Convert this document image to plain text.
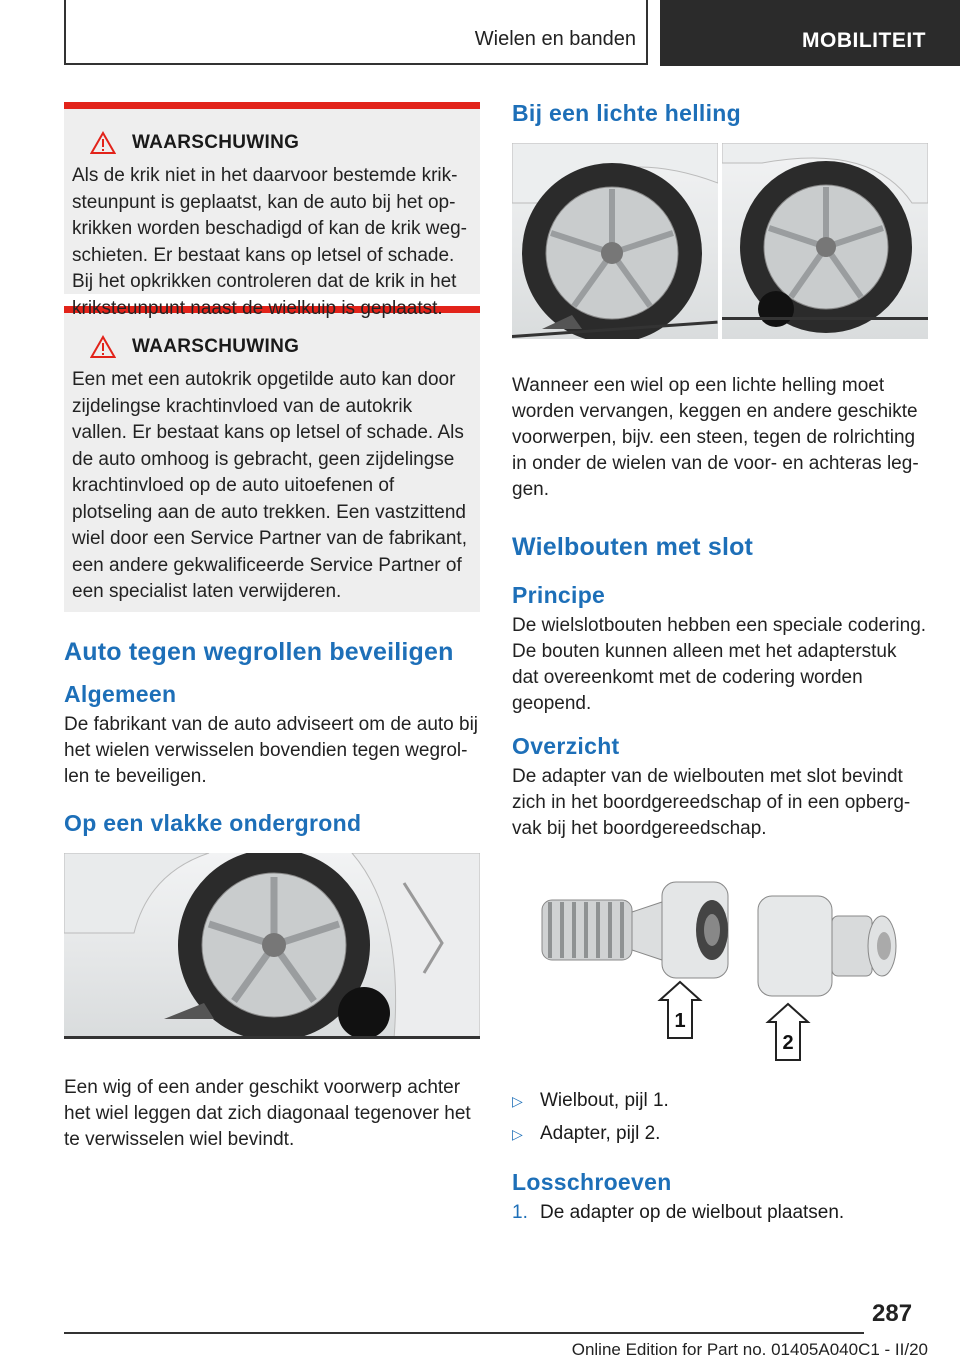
Wielen en banden	MOBILITEIT
WAARSCHUWING
Als de krik niet in het daarvoor bestemde kriksteunpunt is geplaatst, kan de auto bij het opkrikken worden beschadigd of kan de krik wegschieten. Er bestaat kans op letsel of schade. Bij het opkrikken controleren dat de krik in het kriksteunpunt naast de wielkuip is geplaatst.
WAARSCHUWING
Een met een autokrik opgetilde auto kan door zijdelingse krachtinvloed van de autokrik vallen. Er bestaat kans op letsel of schade. Als de auto omhoog is gebracht, geen zijdelingse krachtinvloed op de auto uitoefenen of plotseling aan de auto trekken. Een vastzittend wiel door een Service Partner van de fabrikant, een andere gekwalificeerde Service Partner of een specialist laten verwijderen.
Auto tegen wegrollen beveiligen
Algemeen
De fabrikant van de auto adviseert om de auto bij het wielen verwisselen bovendien tegen wegrollen te beveiligen.
Op een vlakke ondergrond
Een wig of een ander geschikt voorwerp achter het wiel leggen dat zich diagonaal tegenover het te verwisselen wiel bevindt.
Bij een lichte helling
Wanneer een wiel op een lichte helling moet worden vervangen, keggen en andere geschikte voorwerpen, bijv. een steen, tegen de rolrichting in onder de wielen van de voor- en achteras leggen.
Wielbouten met slot
Principe
De wielslotbouten hebben een speciale codering. De bouten kunnen alleen met het adapterstuk dat overeenkomt met de codering worden geopend.
Overzicht
De adapter van de wielbouten met slot bevindt zich in het boordgereedschap of in een opbergvak bij het boordgereedschap.
1
2
▷ Wielbout, pijl 1.
▷ Adapter, pijl 2.
Losschroeven
1. De adapter op de wielbout plaatsen.
287
Online Edition for Part no. 01405A040C1 - II/20
